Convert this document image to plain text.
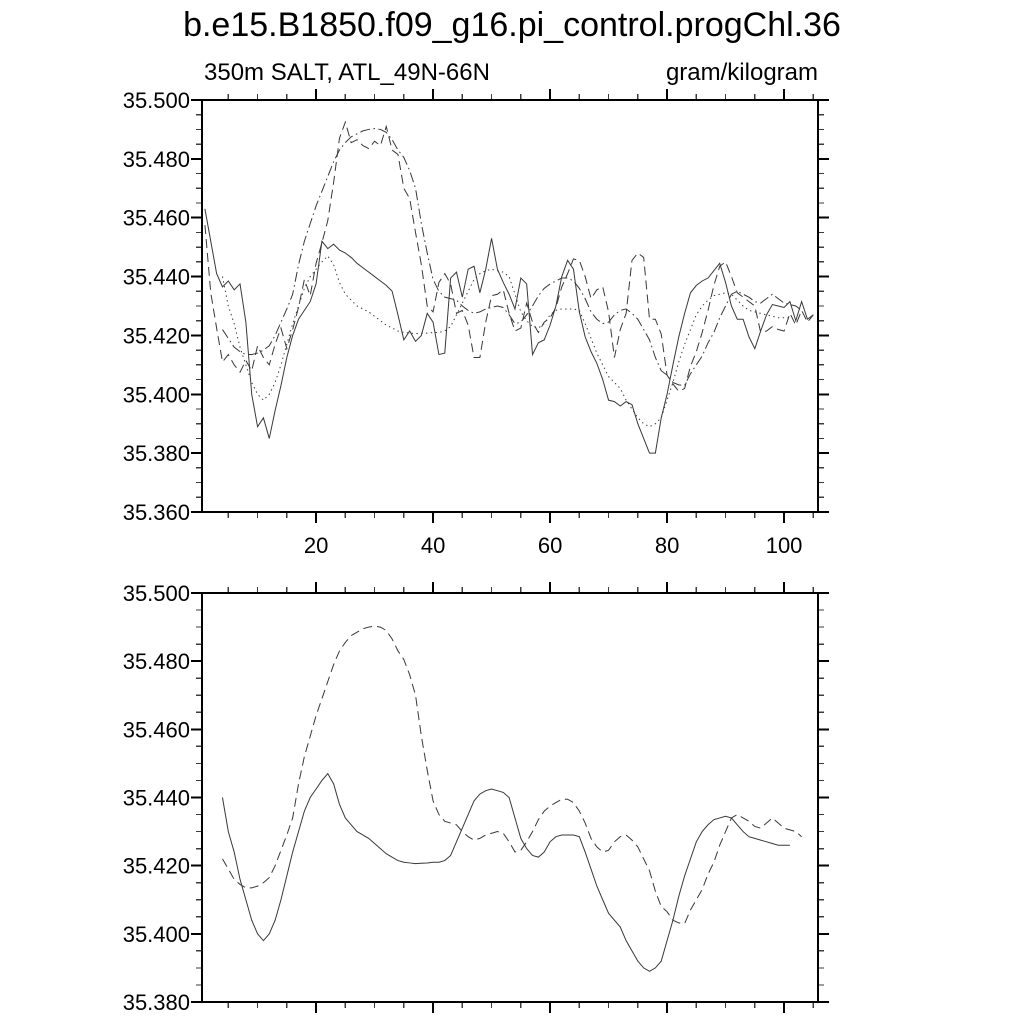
b.e15.B1850.f09_g16.pi_control.progChl.36
350m SALT, ATL_49N-66N	gram/kilogram
20	40	60	80	100
35.500
35.480
35.460
35.440
35.420
35.400
35.380
35.360
35.500
35.480
35.460
35.440
35.420
35.400
35.380
